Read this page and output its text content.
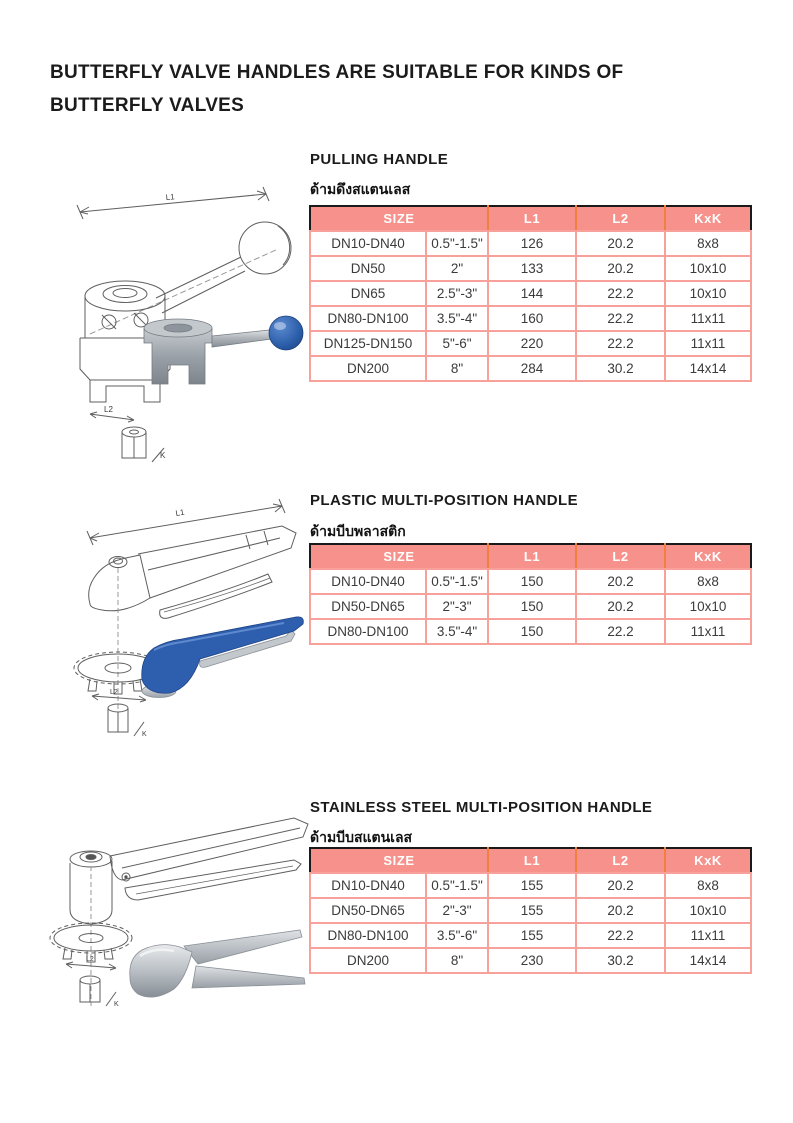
BUTTERFLY VALVE HANDLES ARE SUITABLE FOR KINDS OF
BUTTERFLY VALVES
PULLING HANDLE
ด้ามดึงสแตนเลส
L1
L2
K
SIZE		L1	L2	KxK
DN10-DN40	0.5"-1.5"	126	20.2	8x8
DN50	2"	133	20.2	10x10
DN65	2.5"-3"	144	22.2	10x10
DN80-DN100	3.5"-4"	160	22.2	11x11
DN125-DN150	5"-6"	220	22.2	11x11
DN200	8"	284	30.2	14x14
PLASTIC MULTI-POSITION HANDLE
ด้ามบีบพลาสติก
L1
L2
K
SIZE		L1	L2	KxK
DN10-DN40	0.5"-1.5"	150	20.2	8x8
DN50-DN65	2"-3"	150	20.2	10x10
DN80-DN100	3.5"-4"	150	22.2	11x11
STAINLESS STEEL MULTI-POSITION HANDLE
ด้ามบีบสแตนเลส
L2
K
SIZE		L1	L2	KxK
DN10-DN40	0.5"-1.5"	155	20.2	8x8
DN50-DN65	2"-3"	155	20.2	10x10
DN80-DN100	3.5"-6"	155	22.2	11x11
DN200	8"	230	30.2	14x14
